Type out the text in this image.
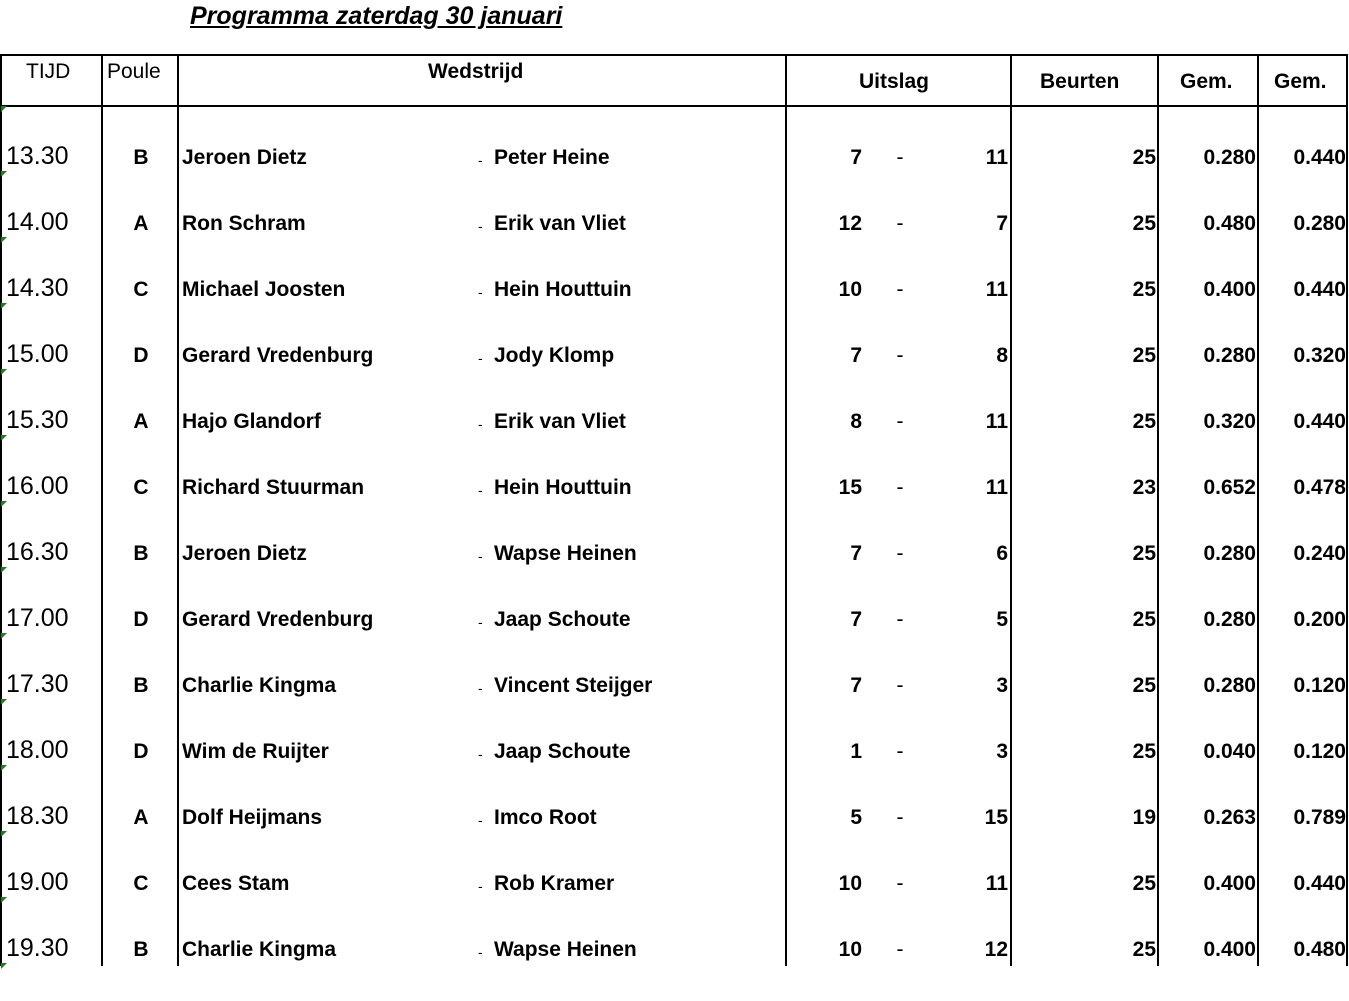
Programma zaterdag 30 januari
TIJD Poule	Wedstrijd	Uitslag	Beurten	Gem. Gem.
13.30	B	Jeroen Dietz	- Peter Heine	7	-	11	25	0.280	0.440
14.00	A	Ron Schram	- Erik van Vliet	12	-	7	25	0.480	0.280
14.30	C	Michael Joosten	- Hein Houttuin	10	-	11	25	0.400	0.440
15.00	D	Gerard Vredenburg	- Jody Klomp	7	-	8	25	0.280	0.320
15.30	A	Hajo Glandorf	- Erik van Vliet	8	-	11	25	0.320	0.440
16.00	C	Richard Stuurman	- Hein Houttuin	15	-	11	23	0.652	0.478
16.30	B	Jeroen Dietz	- Wapse Heinen	7	-	6	25	0.280	0.240
17.00	D	Gerard Vredenburg	- Jaap Schoute	7	-	5	25	0.280	0.200
17.30	B	Charlie Kingma	- Vincent Steijger	7	-	3	25	0.280	0.120
18.00	D	Wim de Ruijter	- Jaap Schoute	1	-	3	25	0.040	0.120
18.30	A	Dolf Heijmans	- Imco Root	5	-	15	19	0.263	0.789
19.00	C	Cees Stam	- Rob Kramer	10	-	11	25	0.400	0.440
19.30	B	Charlie Kingma	- Wapse Heinen	10	-	12	25	0.400	0.480
